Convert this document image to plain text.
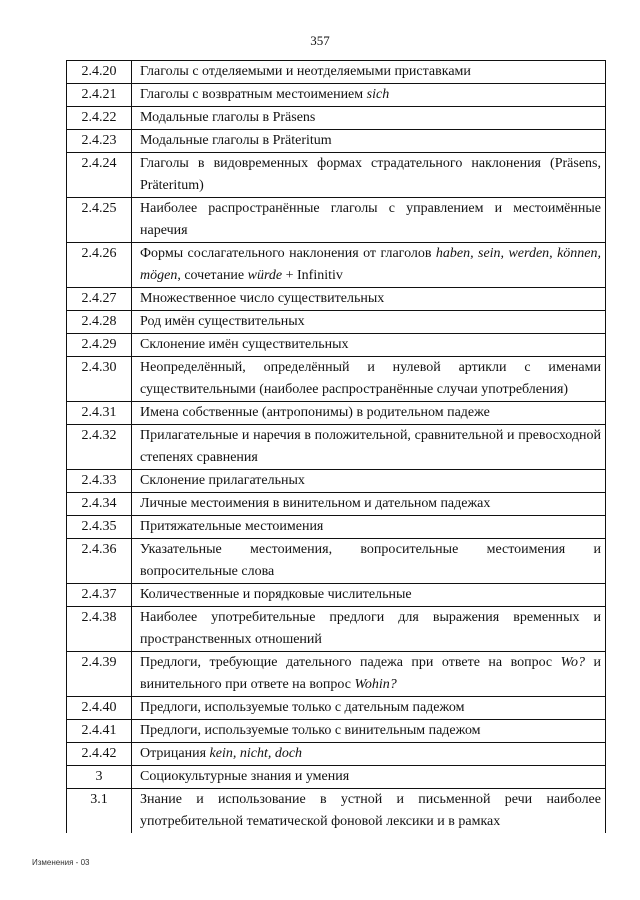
357
2.4.20	Глаголы с отделяемыми и неотделяемыми приставками
2.4.21	Глаголы с возвратным местоимением sich
2.4.22	Модальные глаголы в Präsens
2.4.23	Модальные глаголы в Präteritum
2.4.24	Глаголы в видовременных формах страдательного наклонения (Präsens, Präteritum)
2.4.25	Наиболее распространённые глаголы с управлением и местоимённые наречия
2.4.26	Формы сослагательного наклонения от глаголов haben, sein, werden, können, mögen, сочетание würde + Infinitiv
2.4.27	Множественное число существительных
2.4.28	Род имён существительных
2.4.29	Склонение имён существительных
2.4.30	Неопределённый, определённый и нулевой артикли с именами существительными (наиболее распространённые случаи употребления)
2.4.31	Имена собственные (антропонимы) в родительном падеже
2.4.32	Прилагательные и наречия в положительной, сравнительной и превосходной степенях сравнения
2.4.33	Склонение прилагательных
2.4.34	Личные местоимения в винительном и дательном падежах
2.4.35	Притяжательные местоимения
2.4.36	Указательные местоимения, вопросительные местоимения и вопросительные слова
2.4.37	Количественные и порядковые числительные
2.4.38	Наиболее употребительные предлоги для выражения временных и пространственных отношений
2.4.39	Предлоги, требующие дательного падежа при ответе на вопрос Wo? и винительного при ответе на вопрос Wohin?
2.4.40	Предлоги, используемые только с дательным падежом
2.4.41	Предлоги, используемые только с винительным падежом
2.4.42	Отрицания kein, nicht, doch
3	Социокультурные знания и умения
3.1	Знание и использование в устной и письменной речи наиболее употребительной тематической фоновой лексики и в рамках
Изменения - 03
